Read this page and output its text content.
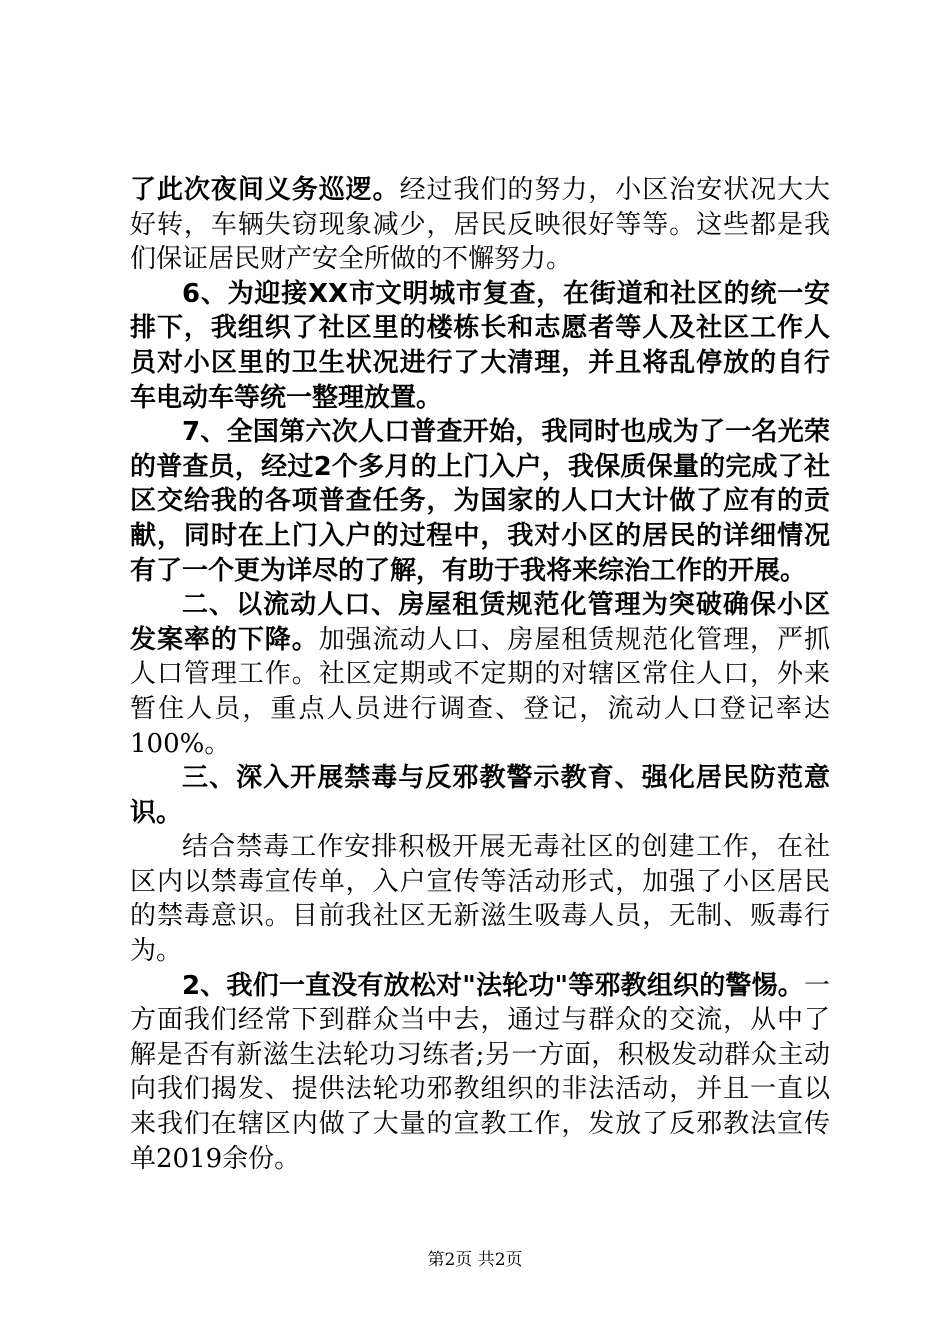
了此次夜间义务巡逻。经过我们的努力，小区治安状况大大好转，车辆失窃现象减少，居民反映很好等等。这些都是我们保证居民财产安全所做的不懈努力。

6、为迎接XX市文明城市复查，在街道和社区的统一安排下，我组织了社区里的楼栋长和志愿者等人及社区工作人员对小区里的卫生状况进行了大清理，并且将乱停放的自行车电动车等统一整理放置。

7、全国第六次人口普查开始，我同时也成为了一名光荣的普查员，经过2个多月的上门入户，我保质保量的完成了社区交给我的各项普查任务，为国家的人口大计做了应有的贡献，同时在上门入户的过程中，我对小区的居民的详细情况有了一个更为详尽的了解，有助于我将来综治工作的开展。

二、以流动人口、房屋租赁规范化管理为突破确保小区发案率的下降。加强流动人口、房屋租赁规范化管理，严抓人口管理工作。社区定期或不定期的对辖区常住人口，外来暂住人员，重点人员进行调查、登记，流动人口登记率达100%。

三、深入开展禁毒与反邪教警示教育、强化居民防范意识。

结合禁毒工作安排积极开展无毒社区的创建工作，在社区内以禁毒宣传单，入户宣传等活动形式，加强了小区居民的禁毒意识。目前我社区无新滋生吸毒人员，无制、贩毒行为。

2、我们一直没有放松对"法轮功"等邪教组织的警惕。一方面我们经常下到群众当中去，通过与群众的交流，从中了解是否有新滋生法轮功习练者;另一方面，积极发动群众主动向我们揭发、提供法轮功邪教组织的非法活动，并且一直以来我们在辖区内做了大量的宣教工作，发放了反邪教法宣传单2019余份。

第2页 共2页
